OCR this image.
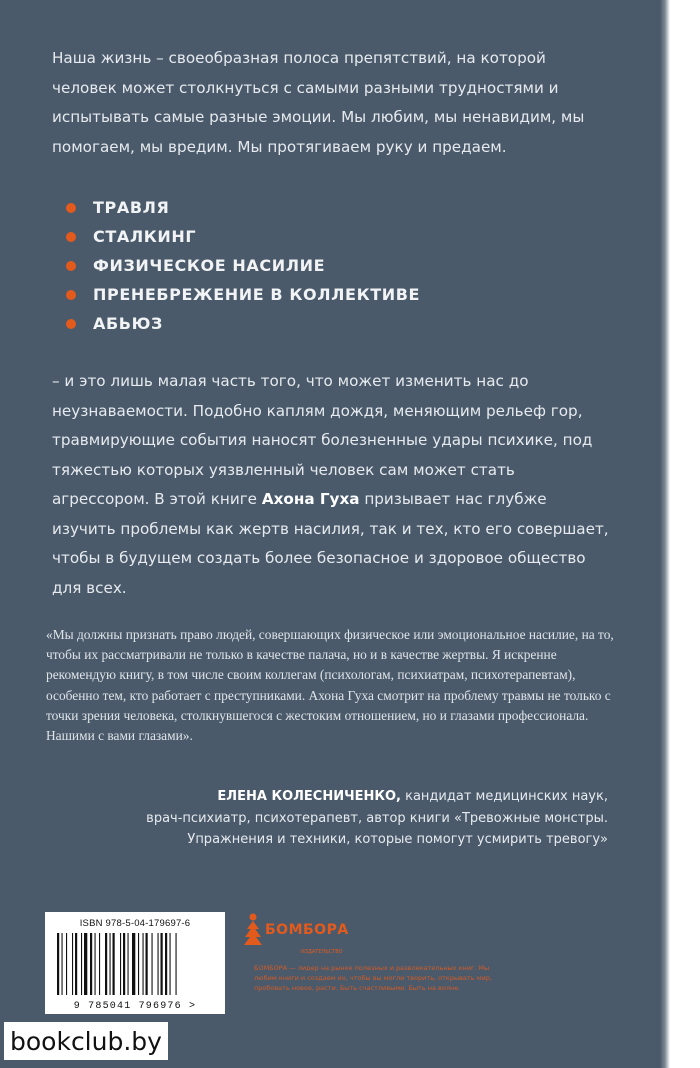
Наша жизнь – своеобразная полоса препятствий, на которой человек может столкнуться с самыми разными трудностями и испытывать самые разные эмоции. Мы любим, мы ненавидим, мы помогаем, мы вредим. Мы протягиваем руку и предаем.

ТРАВЛЯ
СТАЛКИНГ
ФИЗИЧЕСКОЕ НАСИЛИЕ
ПРЕНЕБРЕЖЕНИЕ В КОЛЛЕКТИВЕ
АБЬЮЗ

– и это лишь малая часть того, что может изменить нас до неузнаваемости. Подобно каплям дождя, меняющим рельеф гор, травмирующие события наносят болезненные удары психике, под тяжестью которых уязвленный человек сам может стать агрессором. В этой книге Ахона Гуха призывает нас глубже изучить проблемы как жертв насилия, так и тех, кто его совершает, чтобы в будущем создать более безопасное и здоровое общество для всех.

«Мы должны признать право людей, совершающих физическое или эмоциональное насилие, на то, чтобы их рассматривали не только в качестве палача, но и в качестве жертвы. Я искренне рекомендую книгу, в том числе своим коллегам (психологам, психиатрам, психотерапевтам), особенно тем, кто работает с преступниками. Ахона Гуха смотрит на проблему травмы не только с точки зрения человека, столкнувшегося с жестоким отношением, но и глазами профессионала. Нашими с вами глазами».

ЕЛЕНА КОЛЕСНИЧЕНКО, кандидат медицинских наук,
врач-психиатр, психотерапевт, автор книги «Тревожные монстры.
Упражнения и техники, которые помогут усмирить тревогу»
ISBN 978-5-04-179697-6
9 785041 796976 >
БОМБОРА
ИЗДАТЕЛЬСТВО

БОМБОРА — лидер на рынке полезных и развлекательных книг. Мы любим книги и создаем их, чтобы вы могли творить, открывать мир, пробовать новое, расти. Быть счастливыми. Быть на волне.

bookclub.by
